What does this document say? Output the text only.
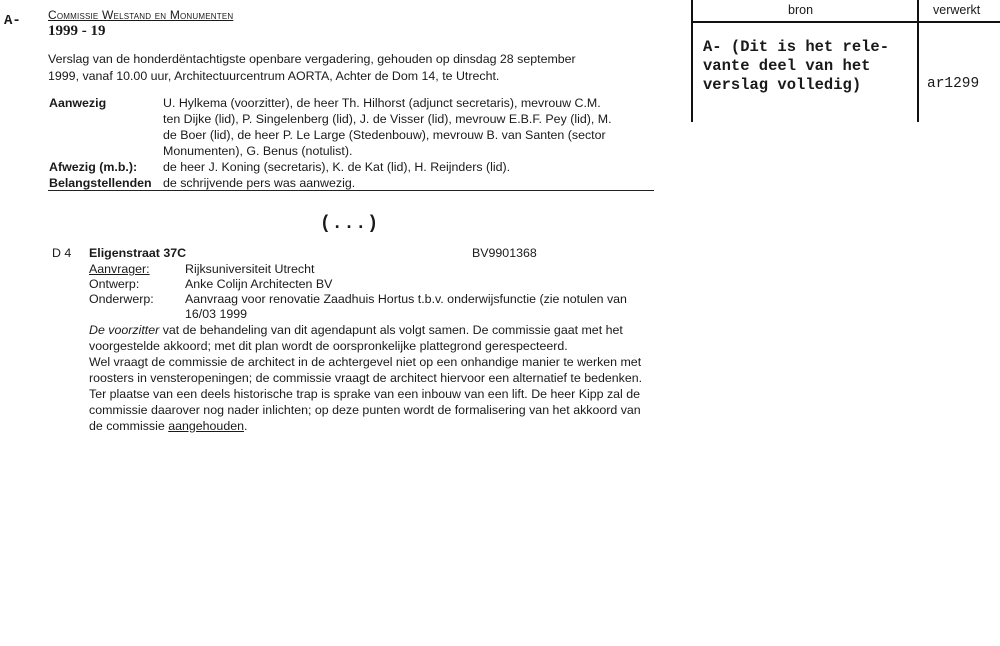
A- Commissie Welstand en Monumenten
1999 - 19
Verslag van de honderdëntachtigste openbare vergadering, gehouden op dinsdag 28 september
1999, vanaf 10.00 uur, Architectuurcentrum AORTA, Achter de Dom 14, te Utrecht.
Aanwezig	U. Hylkema (voorzitter), de heer Th. Hilhorst (adjunct secretaris), mevrouw C.M.
ten Dijke (lid), P. Singelenberg (lid), J. de Visser (lid), mevrouw E.B.F. Pey (lid), M.
de Boer (lid), de heer P. Le Large (Stedenbouw), mevrouw B. van Santen (sector
Monumenten), G. Benus (notulist).
Afwezig (m.b.): de heer J. Koning (secretaris), K. de Kat (lid), H. Reijnders (lid).
Belangstellenden de schrijvende pers was aanwezig.
(...)
D 4 Eligenstraat 37C	BV9901368
Aanvrager:	Rijksuniversiteit Utrecht
Ontwerp:	Anke Colijn Architecten BV
Onderwerp:	Aanvraag voor renovatie Zaadhuis Hortus t.b.v. onderwijsfunctie (zie notulen van
16/03 1999
De voorzitter vat de behandeling van dit agendapunt als volgt samen. De commissie gaat met het
voorgestelde akkoord; met dit plan wordt de oorspronkelijke plattegrond gerespecteerd.
Wel vraagt de commissie de architect in de achtergevel niet op een onhandige manier te werken met
roosters in vensteropeningen; de commissie vraagt de architect hiervoor een alternatief te bedenken.
Ter plaatse van een deels historische trap is sprake van een inbouw van een lift. De heer Kipp zal de
commissie daarover nog nader inlichten; op deze punten wordt de formalisering van het akkoord van
de commissie aangehouden.
bron	verwerkt
A- (Dit is het rele-
vante deel van het
verslag volledig)	ar1299
